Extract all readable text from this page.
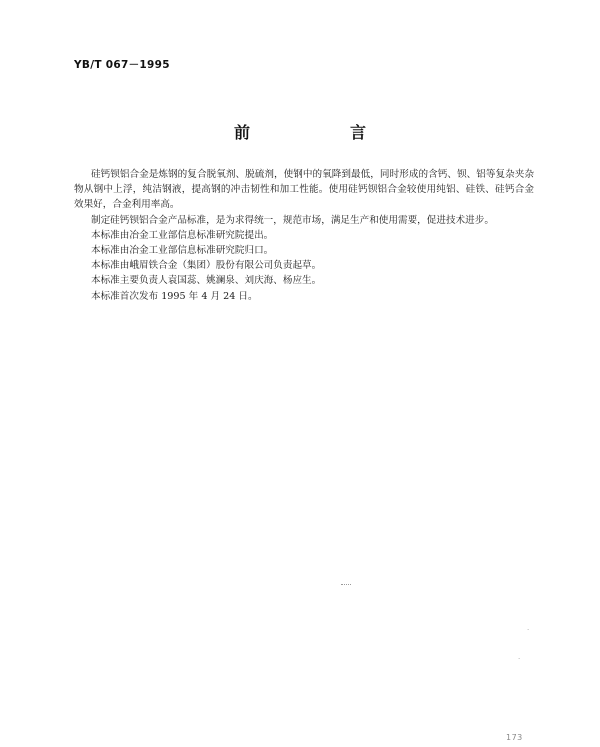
YB/T 067－1995
前　言

硅钙钡铝合金是炼钢的复合脱氧剂、脱硫剂，使钢中的氧降到最低，同时形成的含钙、钡、铝等复杂夹杂物从钢中上浮，纯洁钢液，提高钢的冲击韧性和加工性能。使用硅钙钡铝合金较使用纯铝、硅铁、硅钙合金效果好，合金利用率高。

制定硅钙钡铝合金产品标准，是为求得统一，规范市场，满足生产和使用需要，促进技术进步。

本标准由冶金工业部信息标准研究院提出。

本标准由冶金工业部信息标准研究院归口。

本标准由峨眉铁合金（集团）股份有限公司负责起草。

本标准主要负责人袁国蕊、姚澜泉、刘庆海、杨应生。

本标准首次发布 1995 年 4 月 24 日。

·
·
173
